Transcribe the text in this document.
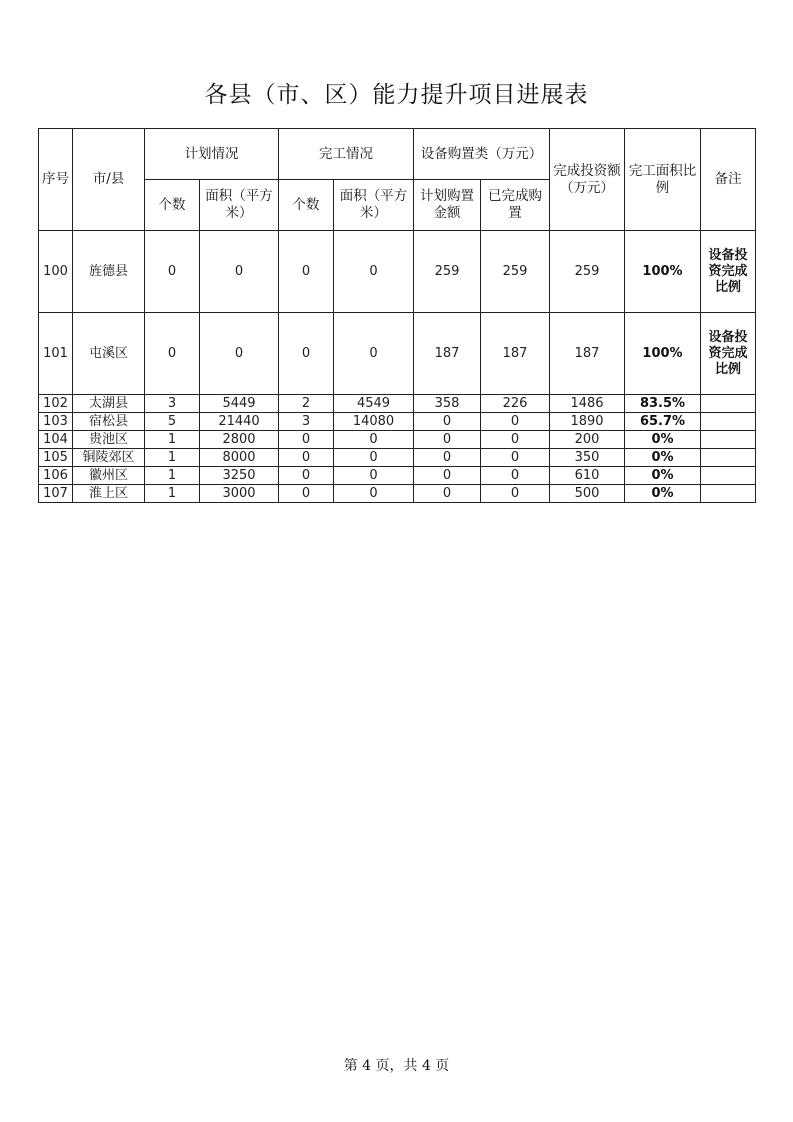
各县（市、区）能力提升项目进展表
序号	市/县	计划情况		完工情况		设备购置类（万元）		完成投资额（万元）	完工面积比例	备注
		个数	面积（平方米）	个数	面积（平方米）	计划购置金额	已完成购置			
100	旌德县	0	0	0	0	259	259	259	100%	设备投资完成比例
101	屯溪区	0	0	0	0	187	187	187	100%	设备投资完成比例
102	太湖县	3	5449	2	4549	358	226	1486	83.5%	
103	宿松县	5	21440	3	14080	0	0	1890	65.7%	
104	贵池区	1	2800	0	0	0	0	200	0%	
105	铜陵郊区	1	8000	0	0	0	0	350	0%	
106	徽州区	1	3250	0	0	0	0	610	0%	
107	淮上区	1	3000	0	0	0	0	500	0%	
第 4 页，共 4 页
